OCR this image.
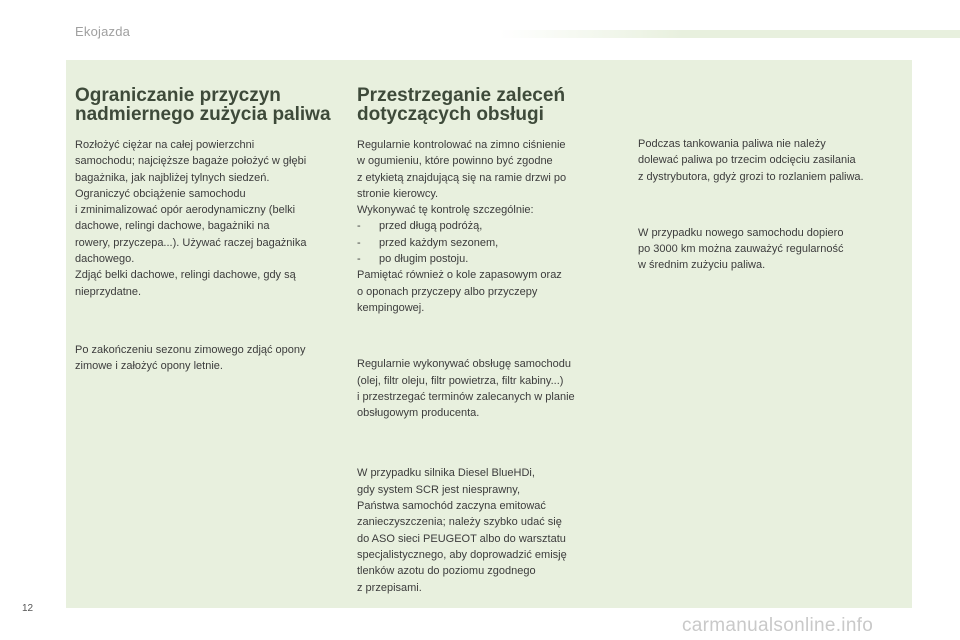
Ekojazda
Ograniczanie przyczyn
nadmiernego zużycia paliwa

Rozłożyć ciężar na całej powierzchni
samochodu; najcięższe bagaże położyć w głębi
bagażnika, jak najbliżej tylnych siedzeń.
Ograniczyć obciążenie samochodu
i zminimalizować opór aerodynamiczny (belki
dachowe, relingi dachowe, bagażniki na
rowery, przyczepa...). Używać raczej bagażnika
dachowego.
Zdjąć belki dachowe, relingi dachowe, gdy są
nieprzydatne.

Po zakończeniu sezonu zimowego zdjąć opony
zimowe i założyć opony letnie.

Przestrzeganie zaleceń
dotyczących obsługi

Regularnie kontrolować na zimno ciśnienie
w ogumieniu, które powinno być zgodne
z etykietą znajdującą się na ramie drzwi po
stronie kierowcy.
Wykonywać tę kontrolę szczególnie:

- przed długą podróżą,
- przed każdym sezonem,
- po długim postoju.

Pamiętać również o kole zapasowym oraz
o oponach przyczepy albo przyczepy
kempingowej.

Regularnie wykonywać obsługę samochodu
(olej, filtr oleju, filtr powietrza, filtr kabiny...)
i przestrzegać terminów zalecanych w planie
obsługowym producenta.

W przypadku silnika Diesel BlueHDi,
gdy system SCR jest niesprawny,
Państwa samochód zaczyna emitować
zanieczyszczenia; należy szybko udać się
do ASO sieci PEUGEOT albo do warsztatu
specjalistycznego, aby doprowadzić emisję
tlenków azotu do poziomu zgodnego
z przepisami.

Podczas tankowania paliwa nie należy
dolewać paliwa po trzecim odcięciu zasilania
z dystrybutora, gdyż grozi to rozlaniem paliwa.

W przypadku nowego samochodu dopiero
po 3000 km można zauważyć regularność
w średnim zużyciu paliwa.

12
carmanualsonline.info
